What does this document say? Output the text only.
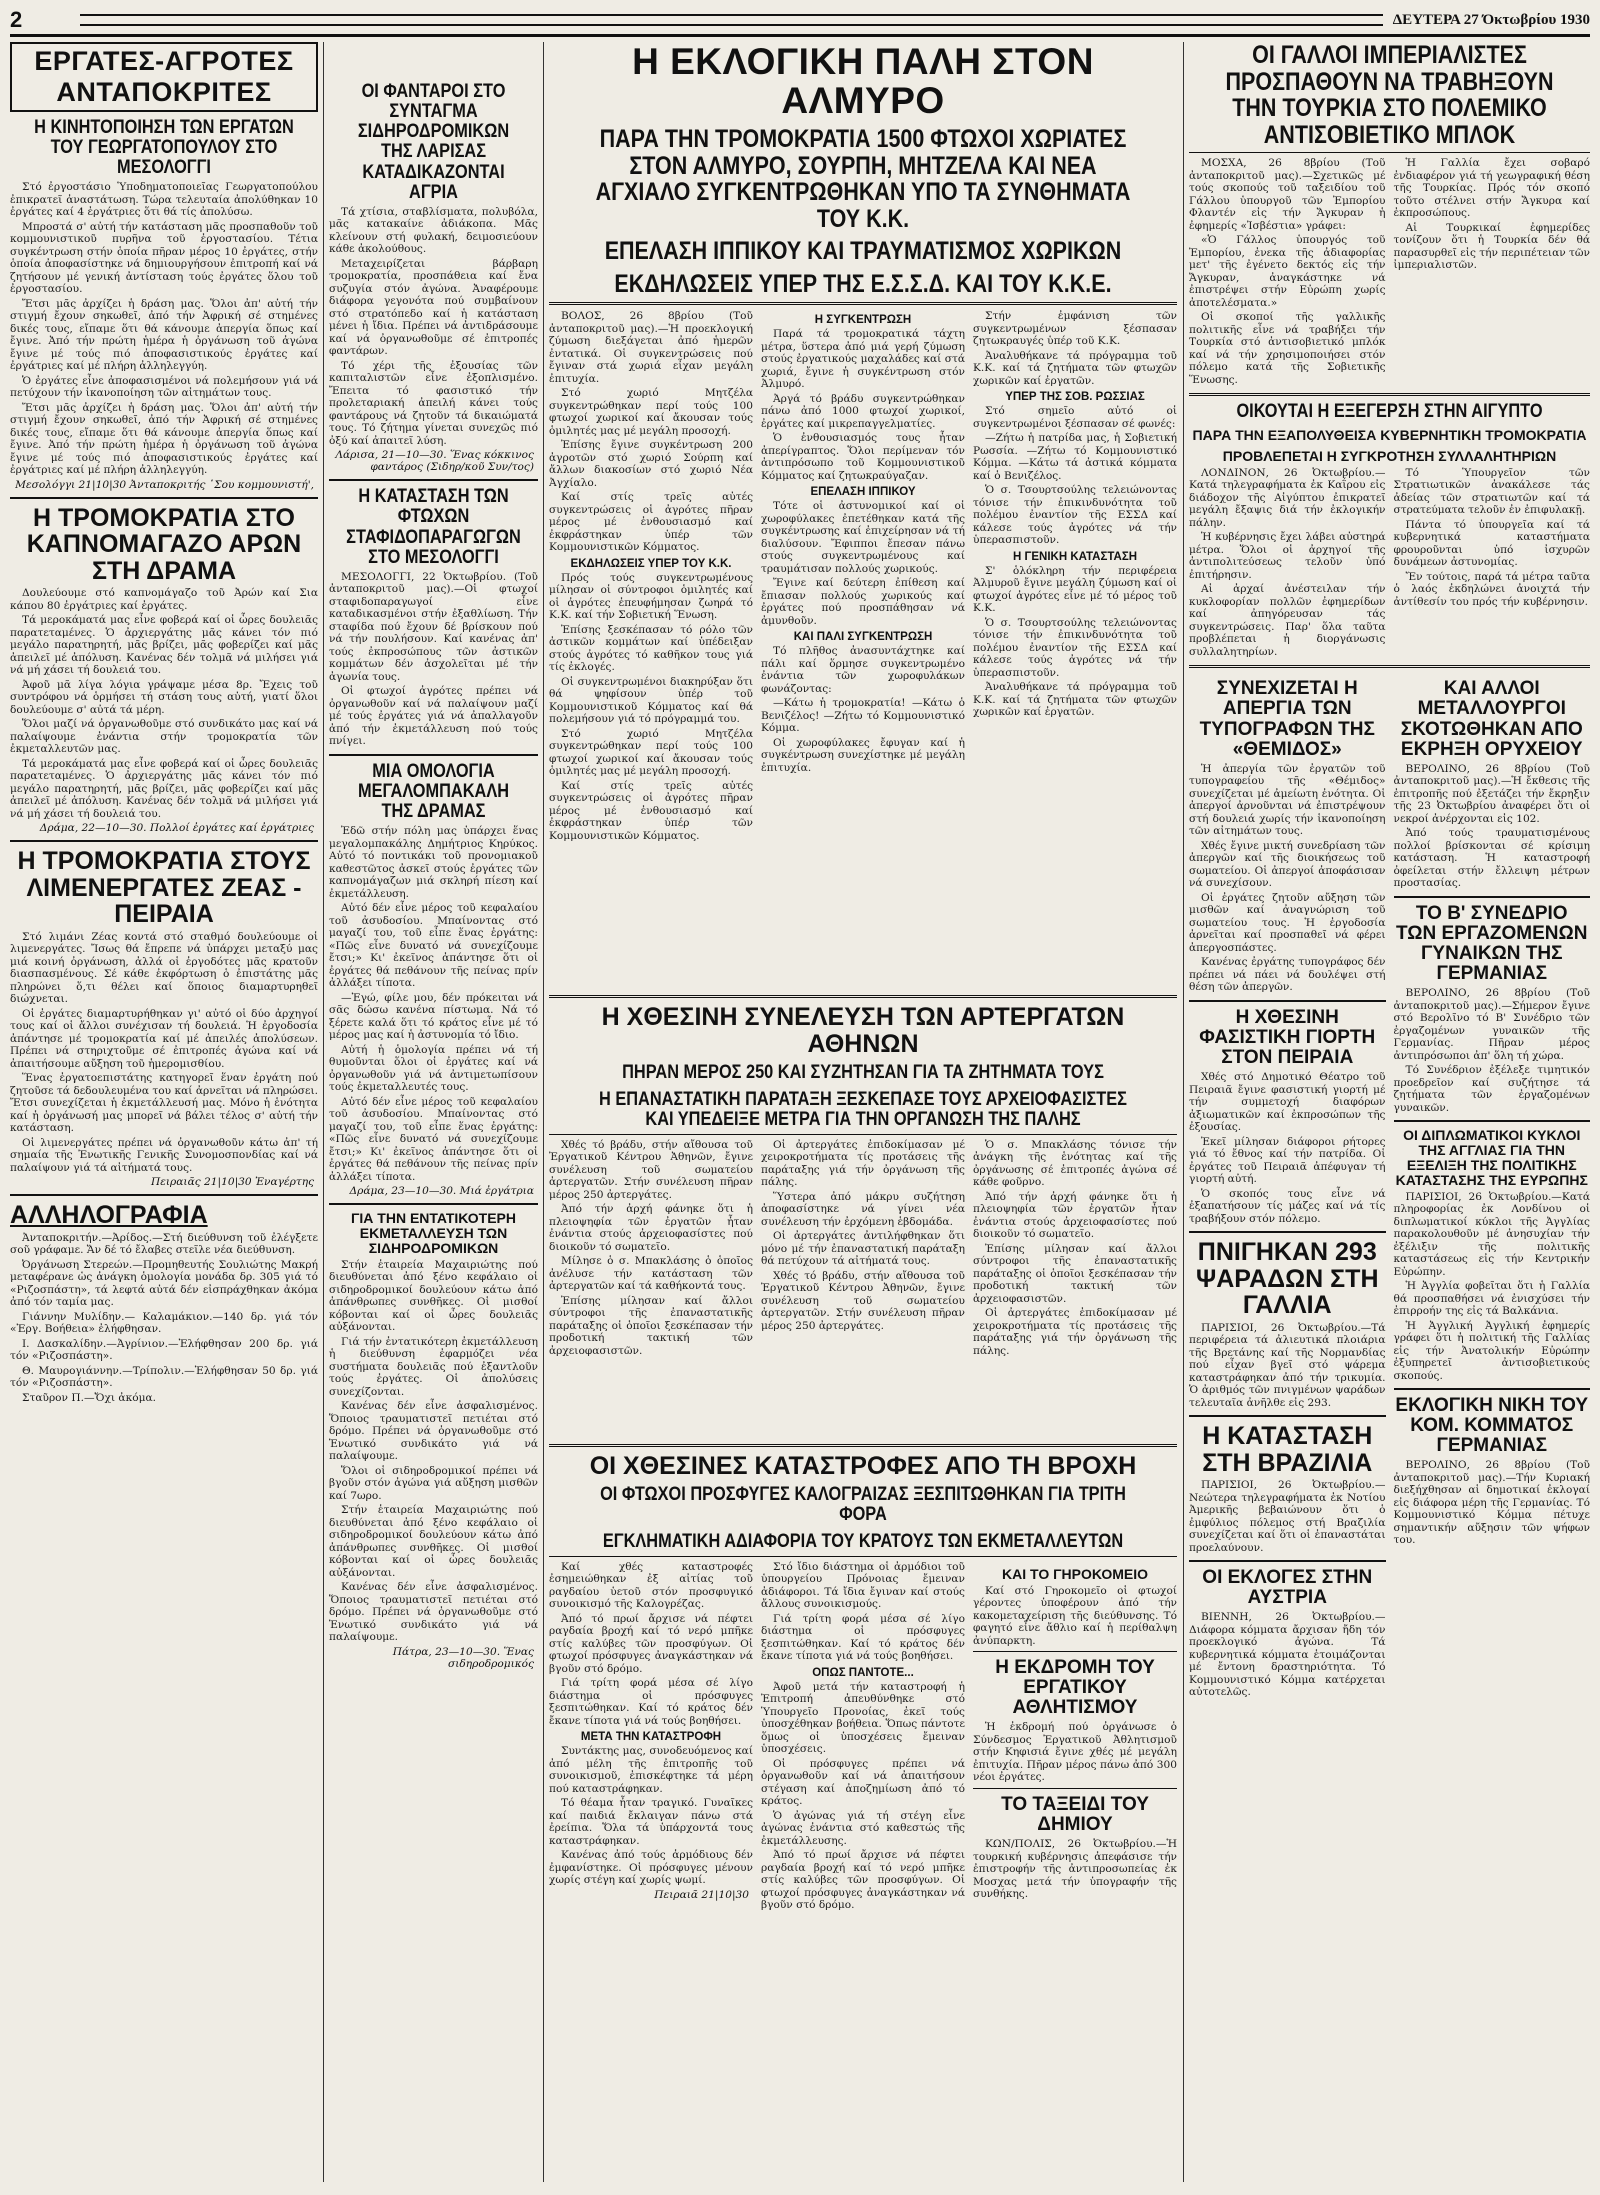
2	ΔΕΥΤΕΡΑ 27 Όκτωβρίου 1930
ΕΡΓΑΤΕΣ-ΑΓΡΟΤΕΣ ΑΝΤΑΠΟΚΡΙΤΕΣ
Η ΚΙΝΗΤΟΠΟΙΗΣΗ ΤΩΝ ΕΡΓΑΤΩΝ ΤΟΥ ΓΕΩΡΓΑΤΟΠΟΥΛΟΥ ΣΤΟ ΜΕΣΟΛΟΓΓΙ

Στό ἐργοστάσιο Ὑποδηματοποιεῖας Γεωργατοπούλου ἐπικρατεῖ ἀναστάτωση. Τώρα τελευταία ἀπολύθηκαν 10 ἐργάτες καί 4 ἐργάτριες ὅτι θά τίς ἀπολύσω.

Μπροστά σ' αὐτή τήν κατάσταση μᾶς προσπαθοῦν τοῦ κομμουνιστικοῦ πυρῆνα τοῦ ἐργοστασίου. Τέτια συγκέντρωση στήν ὁποία πῆραν μέρος 10 ἐργάτες, στήν ὁποία ἀποφασίστηκε νά δημιουργήσουν ἐπιτροπή καί νά ζητήσουν μέ γενική ἀντίσταση τούς ἐργάτες ὅλου τοῦ ἐργοστασίου.

Ἔτσι μᾶς ἀρχίζει ἡ δράση μας. Ὅλοι ἀπ' αὐτή τήν στιγμή ἔχουν σηκωθεῖ, ἀπό τήν Ἀφρική σέ στημένες δικές τους, εἴπαμε ὅτι θά κάνουμε ἀπεργία ὅπως καί ἔγινε. Ἀπό τήν πρώτη ἡμέρα ἡ ὀργάνωση τοῦ ἀγώνα ἔγινε μέ τούς πιό ἀποφασιστικούς ἐργάτες καί ἐργάτριες καί μέ πλήρη ἀλληλεγγύη.

Ὁ ἐργάτες εἶνε ἀποφασισμένοι νά πολεμήσουν γιά νά πετύχουν τήν ἱκανοποίηση τῶν αἰτημάτων τους.

Ἔτσι μᾶς ἀρχίζει ἡ δράση μας. Ὅλοι ἀπ' αὐτή τήν στιγμή ἔχουν σηκωθεῖ, ἀπό τήν Ἀφρική σέ στημένες δικές τους, εἴπαμε ὅτι θά κάνουμε ἀπεργία ὅπως καί ἔγινε. Ἀπό τήν πρώτη ἡμέρα ἡ ὀργάνωση τοῦ ἀγώνα ἔγινε μέ τούς πιό ἀποφασιστικούς ἐργάτες καί ἐργάτριες καί μέ πλήρη ἀλληλεγγύη.

Μεσολόγγι 21|10|30 Ἀνταποκριτής ῾Σου κομμουνιστή',
Η ΤΡΟΜΟΚΡΑΤΙΑ ΣΤΟ ΚΑΠΝΟΜΑΓΑΖΟ ΑΡΩΝ ΣΤΗ ΔΡΑΜΑ

Δουλεύουμε στό καπνομάγαζο τοῦ Ἀρών καί Σια κάπου 80 ἐργάτριες καί ἐργάτες.

Τά μεροκάματά μας εἶνε φοβερά καί οἱ ὧρες δουλειᾶς παρατεταμένες. Ὁ ἀρχιεργάτης μᾶς κάνει τόν πιό μεγάλο παρατηρητή, μᾶς βρίζει, μᾶς φοβερίζει καί μᾶς ἀπειλεῖ μέ ἀπόλυση. Κανένας δέν τολμᾶ νά μιλήσει γιά νά μή χάσει τή δουλειά του.

Ἀφοῦ μᾶ λίγα λόγια γράψαμε μέσα 8ρ. Ἔχεις τοῦ συντρόφου νά ὁρμήσει τή στάση τους αὐτή, γιατί ὅλοι δουλεύουμε σ' αὐτά τά μέρη.

Ὅλοι μαζί νά ὀργανωθοῦμε στό συνδικάτο μας καί νά παλαίψουμε ἐνάντια στήν τρομοκρατία τῶν ἐκμεταλλευτῶν μας.

Τά μεροκάματά μας εἶνε φοβερά καί οἱ ὧρες δουλειᾶς παρατεταμένες. Ὁ ἀρχιεργάτης μᾶς κάνει τόν πιό μεγάλο παρατηρητή, μᾶς βρίζει, μᾶς φοβερίζει καί μᾶς ἀπειλεῖ μέ ἀπόλυση. Κανένας δέν τολμᾶ νά μιλήσει γιά νά μή χάσει τή δουλειά του.

Δράμα, 22—10—30. Πολλοί ἐργάτες καί ἐργάτριες
Η ΤΡΟΜΟΚΡΑΤΙΑ ΣΤΟΥΣ ΛΙΜΕΝΕΡΓΑΤΕΣ ΖΕΑΣ - ΠΕΙΡΑΙΑ

Στό λιμάνι Ζέας κοντά στό σταθμό δουλεύουμε οἱ λιμενεργάτες. Ἴσως θά ἔπρεπε νά ὑπάρχει μεταξύ μας μιά κοινή ὀργάνωση, ἀλλά οἱ ἐργοδότες μᾶς κρατοῦν διασπασμένους. Σέ κάθε ἐκφόρτωση ὁ ἐπιστάτης μᾶς πληρώνει ὅ,τι θέλει καί ὅποιος διαμαρτυρηθεῖ διώχνεται.

Οἱ ἐργάτες διαμαρτυρήθηκαν γι' αὐτό οἱ δύο ἀρχηγοί τους καί οἱ ἄλλοι συνέχισαν τή δουλειά. Ἡ ἐργοδοσία ἀπάντησε μέ τρομοκρατία καί μέ ἀπειλές ἀπολύσεων. Πρέπει νά στηριχτοῦμε σέ ἐπιτροπές ἀγώνα καί νά ἀπαιτήσουμε αὔξηση τοῦ ἡμερομισθίου.

Ἕνας ἐργατοεπιστάτης κατηγορεῖ ἕναν ἐργάτη πού ζητοῦσε τά δεδουλευμένα του καί ἀρνεῖται νά πληρώσει. Ἔτσι συνεχίζεται ἡ ἐκμετάλλευσή μας. Μόνο ἡ ἑνότητα καί ἡ ὀργάνωσή μας μπορεῖ νά βάλει τέλος σ' αὐτή τήν κατάσταση.

Οἱ λιμενεργάτες πρέπει νά ὀργανωθοῦν κάτω ἀπ' τή σημαία τῆς Ἐνωτικῆς Γενικῆς Συνομοσπονδίας καί νά παλαίψουν γιά τά αἰτήματά τους.

Πειραιᾶς 21|10|30 Ἐναγέρτης
ΑΛΛΗΛΟΓΡΑΦΙΑ

Ἀνταποκριτήν.—Ἀρίδος.—Στή διεύθυνση τοῦ ἐλέγξετε σοῦ γράφαμε. Ἄν δέ τό ἔλαβες στεῖλε νέα διεύθυνση.

Ὀργάνωση Στερεών.—Προμηθευτής Σουλιώτης Μακρή μεταφέρανε ὡς ἀνάγκη ὁμολογία μονάδα δρ. 305 γιά τό «Ριζοσπάστη», τά λεφτά αὐτά δέν εἰσπράχθηκαν ἀκόμα ἀπό τόν ταμία μας.

Γιάννην Μυλίδην.— Καλαμάκιον.—140 δρ. γιά τόν «Ἐργ. Βοήθεια» ἐλήφθησαν.

Ι. Δασκαλίδην.—Ἀγρίνιον.—Ἐλήφθησαν 200 δρ. γιά τόν «Ριζοσπάστη».

Θ. Μαυρογιάννην.—Τρίπολιν.—Ἐλήφθησαν 50 δρ. γιά τόν «Ριζοσπάστη».

Σταῦρον Π.—Ὄχι ἀκόμα.

ΟΙ ΦΑΝΤΑΡΟΙ ΣΤΟ ΣΥΝΤΑΓΜΑ ΣΙΔΗΡΟΔΡΟΜΙΚΩΝ ΤΗΣ ΛΑΡΙΣΑΣ ΚΑΤΑΔΙΚΑΖΟΝΤΑΙ ΑΓΡΙΑ

Τά χτίσια, σταβλίσματα, πολυβόλα, μᾶς κατακαίνε ἀδιάκοπα. Μᾶς κλείνουν στή φυλακή, δειμοσιεύουν κάθε ἀκολούθους.

Μεταχειρίζεται βάρβαρη τρομοκρατία, προσπάθεια καί ἔνα συζυγία στόν ἀγώνα. Ἀναφέρουμε διάφορα γεγονότα πού συμβαίνουν στό στρατόπεδο καί ἡ κατάσταση μένει ἡ ἴδια. Πρέπει νά ἀντιδράσουμε καί νά ὀργανωθοῦμε σέ ἐπιτροπές φαντάρων.

Τό χέρι τῆς ἐξουσίας τῶν καπιταλιστῶν εἶνε ἐξοπλισμένο. Ἔπειτα τό φασιστικό τήν προλεταριακή ἀπειλή κάνει τούς φαντάρους νά ζητοῦν τά δικαιώματά τους. Τό ζήτημα γίνεται συνεχῶς πιό ὀξύ καί ἀπαιτεῖ λύση.

Λάρισα, 21—10—30. Ἕνας κόκκινος φαντάρος (Σιδηρ/κοῦ Συν/τος)
Η ΚΑΤΑΣΤΑΣΗ ΤΩΝ ΦΤΩΧΩΝ ΣΤΑΦΙΔΟΠΑΡΑΓΩΓΩΝ ΣΤΟ ΜΕΣΟΛΟΓΓΙ

ΜΕΣΟΛΟΓΓΙ, 22 Ὀκτωβρίου. (Τοῦ ἀνταποκριτοῦ μας).—Οἱ φτωχοί σταφιδοπαραγωγοί εἶνε καταδικασμένοι στήν ἐξαθλίωση. Τήν σταφίδα πού ἔχουν δέ βρίσκουν πού νά τήν πουλήσουν. Καί κανένας ἀπ' τούς ἐκπροσώπους τῶν ἀστικῶν κομμάτων δέν ἀσχολεῖται μέ τήν ἀγωνία τους.

Οἱ φτωχοί ἀγρότες πρέπει νά ὀργανωθοῦν καί νά παλαίψουν μαζί μέ τούς ἐργάτες γιά νά ἀπαλλαγοῦν ἀπό τήν ἐκμετάλλευση πού τούς πνίγει.

ΜΙΑ ΟΜΟΛΟΓΙΑ ΜΕΓΑΛΟΜΠΑΚΑΛΗ ΤΗΣ ΔΡΑΜΑΣ

Ἐδῶ στήν πόλη μας ὑπάρχει ἕνας μεγαλομπακάλης Δημήτριος Κηρύκος. Αὐτό τό ποντικάκι τοῦ προνομιακοῦ καθεστῶτος ἀσκεῖ στούς ἐργάτες τῶν καπνομάγαζων μιά σκληρή πίεση καί ἐκμετάλλευση.

Αὐτό δέν εἶνε μέρος τοῦ κεφαλαίου τοῦ ἀσυδοσίου. Μπαίνοντας στό μαγαζί του, τοῦ εἶπε ἕνας ἐργάτης: «Πῶς εἶνε δυνατό νά συνεχίζουμε ἔτσι;» Κι' ἐκεῖνος ἀπάντησε ὅτι οἱ ἐργάτες θά πεθάνουν τῆς πείνας πρίν ἀλλάξει τίποτα.

—Ἐγώ, φίλε μου, δέν πρόκειται νά σᾶς δώσω κανένα πίστωμα. Νά τό ξέρετε καλά ὅτι τό κράτος εἶνε μέ τό μέρος μας καί ἡ ἀστυνομία τό ἴδιο.

Αὐτή ἡ ὁμολογία πρέπει νά τή θυμοῦνται ὅλοι οἱ ἐργάτες καί νά ὀργανωθοῦν γιά νά ἀντιμετωπίσουν τούς ἐκμεταλλευτές τους.

Αὐτό δέν εἶνε μέρος τοῦ κεφαλαίου τοῦ ἀσυδοσίου. Μπαίνοντας στό μαγαζί του, τοῦ εἶπε ἕνας ἐργάτης: «Πῶς εἶνε δυνατό νά συνεχίζουμε ἔτσι;» Κι' ἐκεῖνος ἀπάντησε ὅτι οἱ ἐργάτες θά πεθάνουν τῆς πείνας πρίν ἀλλάξει τίποτα.

Δράμα, 23—10—30. Μιά ἐργάτρια
ΓΙΑ ΤΗΝ ΕΝΤΑΤΙΚΟΤΕΡΗ ΕΚΜΕΤΑΛΛΕΥΣΗ ΤΩΝ ΣΙΔΗΡΟΔΡΟΜΙΚΩΝ

Στήν ἑταιρεία Μαχαιριώτης πού διευθύνεται ἀπό ξένο κεφάλαιο οἱ σιδηροδρομικοί δουλεύουν κάτω ἀπό ἀπάνθρωπες συνθῆκες. Οἱ μισθοί κόβονται καί οἱ ὧρες δουλειᾶς αὐξάνονται.

Γιά τήν ἐντατικότερη ἐκμετάλλευση ἡ διεύθυνση ἐφαρμόζει νέα συστήματα δουλειᾶς πού ἐξαντλοῦν τούς ἐργάτες. Οἱ ἀπολύσεις συνεχίζονται.

Κανένας δέν εἶνε ἀσφαλισμένος. Ὅποιος τραυματιστεῖ πετιέται στό δρόμο. Πρέπει νά ὀργανωθοῦμε στό Ἑνωτικό συνδικάτο γιά νά παλαίψουμε.

Ὅλοι οἱ σιδηροδρομικοί πρέπει νά βγοῦν στόν ἀγώνα γιά αὔξηση μισθῶν καί 7ωρο.

Στήν ἑταιρεία Μαχαιριώτης πού διευθύνεται ἀπό ξένο κεφάλαιο οἱ σιδηροδρομικοί δουλεύουν κάτω ἀπό ἀπάνθρωπες συνθῆκες. Οἱ μισθοί κόβονται καί οἱ ὧρες δουλειᾶς αὐξάνονται.

Κανένας δέν εἶνε ἀσφαλισμένος. Ὅποιος τραυματιστεῖ πετιέται στό δρόμο. Πρέπει νά ὀργανωθοῦμε στό Ἑνωτικό συνδικάτο γιά νά παλαίψουμε.

Πάτρα, 23—10—30. Ἕνας σιδηροδρομικός
Η ΕΚΛΟΓΙΚΗ ΠΑΛΗ ΣΤΟΝ ΑΛΜΥΡΟ
ΠΑΡΑ ΤΗΝ ΤΡΟΜΟΚΡΑΤΙΑ 1500 ΦΤΩΧΟΙ ΧΩΡΙΑΤΕΣ ΣΤΟΝ ΑΛΜΥΡΟ, ΣΟΥΡΠΗ, ΜΗΤΖΕΛΑ ΚΑΙ ΝΕΑ ΑΓΧΙΑΛΟ ΣΥΓΚΕΝΤΡΩΘΗΚΑΝ ΥΠΟ ΤΑ ΣΥΝΘΗΜΑΤΑ ΤΟΥ Κ.Κ.
ΕΠΕΛΑΣΗ ΙΠΠΙΚΟΥ ΚΑΙ ΤΡΑΥΜΑΤΙΣΜΟΣ ΧΩΡΙΚΩΝ
ΕΚΔΗΛΩΣΕΙΣ ΥΠΕΡ ΤΗΣ Ε.Σ.Σ.Δ. ΚΑΙ ΤΟΥ Κ.Κ.Ε.

ΒΟΛΟΣ, 26 8βρίου (Τοῦ ἀνταποκριτοῦ μας).—Ἡ προεκλογική ζύμωση διεξάγεται ἀπό ἡμερῶν ἐντατικά. Οἱ συγκεντρώσεις πού ἔγιναν στά χωριά εἶχαν μεγάλη ἐπιτυχία.

Στό χωριό Μητζέλα συγκεντρώθηκαν περί τούς 100 φτωχοί χωρικοί καί ἄκουσαν τούς ὁμιλητές μας μέ μεγάλη προσοχή.

Ἐπίσης ἔγινε συγκέντρωση 200 ἀγροτῶν στό χωριό Σούρπη καί ἄλλων διακοσίων στό χωριό Νέα Ἀγχίαλο.

Καί στίς τρεῖς αὐτές συγκεντρώσεις οἱ ἀγρότες πῆραν μέρος μέ ἐνθουσιασμό καί ἐκφράστηκαν ὑπέρ τῶν Κομμουνιστικῶν Κόμματος.

ΕΚΔΗΛΩΣΕΙΣ ΥΠΕΡ ΤΟΥ Κ.Κ.

Πρός τούς συγκεντρωμένους μίλησαν οἱ σύντροφοι ὁμιλητές καί οἱ ἀγρότες ἐπευφήμησαν ζωηρά τό Κ.Κ. καί τήν Σοβιετική Ἕνωση.

Ἐπίσης ξεσκέπασαν τό ρόλο τῶν ἀστικῶν κομμάτων καί ὑπέδειξαν στούς ἀγρότες τό καθῆκον τους γιά τίς ἐκλογές.

Οἱ συγκεντρωμένοι διακηρύξαν ὅτι θά ψηφίσουν ὑπέρ τοῦ Κομμουνιστικοῦ Κόμματος καί θά πολεμήσουν γιά τό πρόγραμμά του.

Στό χωριό Μητζέλα συγκεντρώθηκαν περί τούς 100 φτωχοί χωρικοί καί ἄκουσαν τούς ὁμιλητές μας μέ μεγάλη προσοχή.

Καί στίς τρεῖς αὐτές συγκεντρώσεις οἱ ἀγρότες πῆραν μέρος μέ ἐνθουσιασμό καί ἐκφράστηκαν ὑπέρ τῶν Κομμουνιστικῶν Κόμματος.

Η ΣΥΓΚΕΝΤΡΩΣΗ

Παρά τά τρομοκρατικά τάχτη μέτρα, ὕστερα ἀπό μιά γερή ζύμωση στούς ἐργατικούς μαχαλάδες καί στά χωριά, ἔγινε ἡ συγκέντρωση στόν Ἀλμυρό.

Ἀργά τό βράδυ συγκεντρώθηκαν πάνω ἀπό 1000 φτωχοί χωρικοί, ἐργάτες καί μικρεπαγγελματίες.

Ὁ ἐνθουσιασμός τους ἦταν ἀπερίγραπτος. Ὅλοι περίμεναν τόν ἀντιπρόσωπο τοῦ Κομμουνιστικοῦ Κόμματος καί ζητωκραύγαζαν.

ΕΠΕΛΑΣΗ ΙΠΠΙΚΟΥ

Τότε οἱ ἀστυνομικοί καί οἱ χωροφύλακες ἐπετέθηκαν κατά τῆς συγκέντρωσης καί ἐπιχείρησαν νά τή διαλύσουν. Ἔφιπποι ἔπεσαν πάνω στούς συγκεντρωμένους καί τραυμάτισαν πολλούς χωρικούς.

Ἔγινε καί δεύτερη ἐπίθεση καί ἔπιασαν πολλούς χωρικούς καί ἐργάτες πού προσπάθησαν νά ἀμυνθοῦν.

ΚΑΙ ΠΑΛΙ ΣΥΓΚΕΝΤΡΩΣΗ

Τό πλῆθος ἀνασυντάχτηκε καί πάλι καί ὅρμησε συγκεντρωμένο ἐνάντια τῶν χωροφυλάκων φωνάζοντας:

—Κάτω ἡ τρομοκρατία! —Κάτω ὁ Βενιζέλος! —Ζήτω τό Κομμουνιστικό Κόμμα.

Οἱ χωροφύλακες ἔφυγαν καί ἡ συγκέντρωση συνεχίστηκε μέ μεγάλη ἐπιτυχία.

Στήν ἐμφάνιση τῶν συγκεντρωμένων ξέσπασαν ζητωκραυγές ὑπέρ τοῦ Κ.Κ.

Ἀναλυθήκανε τά πρόγραμμα τοῦ Κ.Κ. καί τά ζητήματα τῶν φτωχῶν χωρικῶν καί ἐργατῶν.

ΥΠΕΡ ΤΗΣ ΣΟΒ. ΡΩΣΣΙΑΣ

Στό σημεῖο αὐτό οἱ συγκεντρωμένοι ξέσπασαν σέ φωνές:

—Ζήτω ἡ πατρίδα μας, ἡ Σοβιετική Ρωσσία. —Ζήτω τό Κομμουνιστικό Κόμμα. —Κάτω τά ἀστικά κόμματα καί ὁ Βενιζέλος.

Ὁ σ. Τσουρτσούλης τελειώνοντας τόνισε τήν ἐπικινδυνότητα τοῦ πολέμου ἐναντίον τῆς ΕΣΣΔ καί κάλεσε τούς ἀγρότες νά τήν ὑπερασπιστοῦν.

Η ΓΕΝΙΚΗ ΚΑΤΑΣΤΑΣΗ

Σ' ὁλόκληρη τήν περιφέρεια Ἀλμυροῦ ἔγινε μεγάλη ζύμωση καί οἱ φτωχοί ἀγρότες εἶνε μέ τό μέρος τοῦ Κ.Κ.

Ὁ σ. Τσουρτσούλης τελειώνοντας τόνισε τήν ἐπικινδυνότητα τοῦ πολέμου ἐναντίον τῆς ΕΣΣΔ καί κάλεσε τούς ἀγρότες νά τήν ὑπερασπιστοῦν.

Ἀναλυθήκανε τά πρόγραμμα τοῦ Κ.Κ. καί τά ζητήματα τῶν φτωχῶν χωρικῶν καί ἐργατῶν.

Η ΧΘΕΣΙΝΗ ΣΥΝΕΛΕΥΣΗ ΤΩΝ ΑΡΤΕΡΓΑΤΩΝ ΑΘΗΝΩΝ
ΠΗΡΑΝ ΜΕΡΟΣ 250 ΚΑΙ ΣΥΖΗΤΗΣΑΝ ΓΙΑ ΤΑ ΖΗΤΗΜΑΤΑ ΤΟΥΣ
Η ΕΠΑΝΑΣΤΑΤΙΚΗ ΠΑΡΑΤΑΞΗ ΞΕΣΚΕΠΑΣΕ ΤΟΥΣ ΑΡΧΕΙΟΦΑΣΙΣΤΕΣ ΚΑΙ ΥΠΕΔΕΙΞΕ ΜΕΤΡΑ ΓΙΑ ΤΗΝ ΟΡΓΑΝΩΣΗ ΤΗΣ ΠΑΛΗΣ

Χθές τό βράδυ, στήν αἴθουσα τοῦ Ἐργατικοῦ Κέντρου Ἀθηνῶν, ἔγινε συνέλευση τοῦ σωματείου ἀρτεργατῶν. Στήν συνέλευση πῆραν μέρος 250 ἀρτεργάτες.

Ἀπό τήν ἀρχή φάνηκε ὅτι ἡ πλειοψηφία τῶν ἐργατῶν ἦταν ἐνάντια στούς ἀρχειοφασίστες πού διοικοῦν τό σωματεῖο.

Μίλησε ὁ σ. Μπακλάσης ὁ ὁποῖος ἀνέλυσε τήν κατάσταση τῶν ἀρτεργατῶν καί τά καθήκοντά τους.

Ἐπίσης μίλησαν καί ἄλλοι σύντροφοι τῆς ἐπαναστατικῆς παράταξης οἱ ὁποῖοι ξεσκέπασαν τήν προδοτική τακτική τῶν ἀρχειοφασιστῶν.

Οἱ ἀρτεργάτες ἐπιδοκίμασαν μέ χειροκροτήματα τίς προτάσεις τῆς παράταξης γιά τήν ὀργάνωση τῆς πάλης.

Ὕστερα ἀπό μάκρυ συζήτηση ἀποφασίστηκε νά γίνει νέα συνέλευση τήν ἐρχόμενη ἑβδομάδα.

Οἱ ἀρτεργάτες ἀντιλήφθηκαν ὅτι μόνο μέ τήν ἐπαναστατική παράταξη θά πετύχουν τά αἰτήματά τους.

Χθές τό βράδυ, στήν αἴθουσα τοῦ Ἐργατικοῦ Κέντρου Ἀθηνῶν, ἔγινε συνέλευση τοῦ σωματείου ἀρτεργατῶν. Στήν συνέλευση πῆραν μέρος 250 ἀρτεργάτες.

Ὁ σ. Μπακλάσης τόνισε τήν ἀνάγκη τῆς ἑνότητας καί τῆς ὀργάνωσης σέ ἐπιτροπές ἀγώνα σέ κάθε φοῦρνο.

Ἀπό τήν ἀρχή φάνηκε ὅτι ἡ πλειοψηφία τῶν ἐργατῶν ἦταν ἐνάντια στούς ἀρχειοφασίστες πού διοικοῦν τό σωματεῖο.

Ἐπίσης μίλησαν καί ἄλλοι σύντροφοι τῆς ἐπαναστατικῆς παράταξης οἱ ὁποῖοι ξεσκέπασαν τήν προδοτική τακτική τῶν ἀρχειοφασιστῶν.

Οἱ ἀρτεργάτες ἐπιδοκίμασαν μέ χειροκροτήματα τίς προτάσεις τῆς παράταξης γιά τήν ὀργάνωση τῆς πάλης.

ΟΙ ΧΘΕΣΙΝΕΣ ΚΑΤΑΣΤΡΟΦΕΣ ΑΠΟ ΤΗ ΒΡΟΧΗ
ΟΙ ΦΤΩΧΟΙ ΠΡΟΣΦΥΓΕΣ ΚΑΛΟΓΡΑΙΖΑΣ ΞΕΣΠΙΤΩΘΗΚΑΝ ΓΙΑ ΤΡΙΤΗ ΦΟΡΑ
ΕΓΚΛΗΜΑΤΙΚΗ ΑΔΙΑΦΟΡΙΑ ΤΟΥ ΚΡΑΤΟΥΣ ΤΩΝ ΕΚΜΕΤΑΛΛΕΥΤΩΝ

Καί χθές καταστροφές ἐσημειώθηκαν ἐξ αἰτίας τοῦ ραγδαίου ὑετοῦ στόν προσφυγικό συνοικισμό τῆς Καλογρέζας.

Ἀπό τό πρωί ἄρχισε νά πέφτει ραγδαία βροχή καί τό νερό μπῆκε στίς καλύβες τῶν προσφύγων. Οἱ φτωχοί πρόσφυγες ἀναγκάστηκαν νά βγοῦν στό δρόμο.

Γιά τρίτη φορά μέσα σέ λίγο διάστημα οἱ πρόσφυγες ξεσπιτώθηκαν. Καί τό κράτος δέν ἔκανε τίποτα γιά νά τούς βοηθήσει.

ΜΕΤΑ ΤΗΝ ΚΑΤΑΣΤΡΟΦΗ

Συντάκτης μας, συνοδευόμενος καί ἀπό μέλη τῆς ἐπιτροπῆς τοῦ συνοικισμοῦ, ἐπισκέφτηκε τά μέρη πού καταστράφηκαν.

Τό θέαμα ἦταν τραγικό. Γυναῖκες καί παιδιά ἔκλαιγαν πάνω στά ἐρείπια. Ὅλα τά ὑπάρχοντά τους καταστράφηκαν.

Κανένας ἀπό τούς ἁρμόδιους δέν ἐμφανίστηκε. Οἱ πρόσφυγες μένουν χωρίς στέγη καί χωρίς ψωμί.

Πειραιᾶ 21|10|30

Στό ἴδιο διάστημα οἱ ἀρμόδιοι τοῦ ὑπουργείου Πρόνοιας ἔμειναν ἀδιάφοροι. Τά ἴδια ἔγιναν καί στούς ἄλλους συνοικισμούς.

Γιά τρίτη φορά μέσα σέ λίγο διάστημα οἱ πρόσφυγες ξεσπιτώθηκαν. Καί τό κράτος δέν ἔκανε τίποτα γιά νά τούς βοηθήσει.

ΟΠΩΣ ΠΑΝΤΟΤΕ...

Ἀφοῦ μετά τήν καταστροφή ἡ Ἐπιτροπή ἀπευθύνθηκε στό Ὑπουργεῖο Προνοίας, ἐκεῖ τούς ὑποσχέθηκαν βοήθεια. Ὅπως πάντοτε ὅμως οἱ ὑποσχέσεις ἔμειναν ὑποσχέσεις.

Οἱ πρόσφυγες πρέπει νά ὀργανωθοῦν καί νά ἀπαιτήσουν στέγαση καί ἀποζημίωση ἀπό τό κράτος.

Ὁ ἀγώνας γιά τή στέγη εἶνε ἀγώνας ἐνάντια στό καθεστώς τῆς ἐκμετάλλευσης.

Ἀπό τό πρωί ἄρχισε νά πέφτει ραγδαία βροχή καί τό νερό μπῆκε στίς καλύβες τῶν προσφύγων. Οἱ φτωχοί πρόσφυγες ἀναγκάστηκαν νά βγοῦν στό δρόμο.

ΚΑΙ ΤΟ ΓΗΡΟΚΟΜΕΙΟ

Καί στό Γηροκομεῖο οἱ φτωχοί γέροντες ὑποφέρουν ἀπό τήν κακομεταχείριση τῆς διεύθυνσης. Τό φαγητό εἶνε ἄθλιο καί ἡ περίθαλψη ἀνύπαρκτη.

Η ΕΚΔΡΟΜΗ ΤΟΥ ΕΡΓΑΤΙΚΟΥ ΑΘΛΗΤΙΣΜΟΥ

Ἡ ἐκδρομή πού ὀργάνωσε ὁ Σύνδεσμος Ἐργατικοῦ Ἀθλητισμοῦ στήν Κηφισιά ἔγινε χθές μέ μεγάλη ἐπιτυχία. Πῆραν μέρος πάνω ἀπό 300 νέοι ἐργάτες.

ΤΟ ΤΑΞΕΙΔΙ ΤΟΥ ΔΗΜΙΟΥ

ΚΩΝ/ΠΟΛΙΣ, 26 Ὀκτωβρίου.—Ἡ τουρκική κυβέρνησις ἀπεφάσισε τήν ἐπιστροφήν τῆς ἀντιπροσωπείας ἐκ Μοσχας μετά τήν ὑπογραφήν τῆς συνθήκης.

ΟΙ ΓΑΛΛΟΙ ΙΜΠΕΡΙΑΛΙΣΤΕΣ ΠΡΟΣΠΑΘΟΥΝ ΝΑ ΤΡΑΒΗΞΟΥΝ ΤΗΝ ΤΟΥΡΚΙΑ ΣΤΟ ΠΟΛΕΜΙΚΟ ΑΝΤΙΣΟΒΙΕΤΙΚΟ ΜΠΛΟΚ

ΜΟΣΧΑ, 26 8βρίου (Τοῦ ἀνταποκριτοῦ μας).—Σχετικῶς μέ τούς σκοπούς τοῦ ταξειδίου τοῦ Γάλλου ὑπουργοῦ τῶν Ἐμπορίου Φλαντέν εἰς τήν Ἄγκυραν ἡ ἐφημερίς «Ἰσβέστια» γράφει:

«Ὁ Γάλλος ὑπουργός τοῦ Ἐμπορίου, ἐνεκα τῆς ἀδιαφορίας μετ' τῆς ἐγένετο δεκτός εἰς τήν Ἄγκυραν, ἀναγκάστηκε νά ἐπιστρέψει στήν Εὐρώπη χωρίς ἀποτελέσματα.»

Οἱ σκοποί τῆς γαλλικῆς πολιτικῆς εἶνε νά τραβήξει τήν Τουρκία στό ἀντισοβιετικό μπλόκ καί νά τήν χρησιμοποιήσει στόν πόλεμο κατά τῆς Σοβιετικῆς Ἕνωσης.

Ἡ Γαλλία ἔχει σοβαρό ἐνδιαφέρον γιά τή γεωγραφική θέση τῆς Τουρκίας. Πρός τόν σκοπό τοῦτο στέλνει στήν Ἄγκυρα καί ἐκπροσώπους.

Αἱ Τουρκικαί ἐφημερίδες τονίζουν ὅτι ἡ Τουρκία δέν θά παρασυρθεῖ εἰς τήν περιπέτειαν τῶν ἰμπεριαλιστῶν.

ΟΙΚΟΥΤΑΙ Η ΕΞΕΓΕΡΣΗ ΣΤΗΝ ΑΙΓΥΠΤΟ
ΠΑΡΑ ΤΗΝ ΕΞΑΠΟΛΥΘΕΙΣΑ ΚΥΒΕΡΝΗΤΙΚΗ ΤΡΟΜΟΚΡΑΤΙΑ
ΠΡΟΒΛΕΠΕΤΑΙ Η ΣΥΓΚΡΟΤΗΣΗ ΣΥΛΛΑΛΗΤΗΡΙΩΝ

ΛΟΝΔΙΝΟΝ, 26 Ὀκτωβρίου.—Κατά τηλεγραφήματα ἐκ Καΐρου εἰς διάδοχον τῆς Αἰγύπτου ἐπικρατεῖ μεγάλη ἔξαψις διά τήν ἐκλογικήν πάλην.

Ἡ κυβέρνησις ἔχει λάβει αὐστηρά μέτρα. Ὅλοι οἱ ἀρχηγοί τῆς ἀντιπολιτεύσεως τελοῦν ὑπό ἐπιτήρησιν.

Αἱ ἀρχαί ἀνέστειλαν τήν κυκλοφορίαν πολλῶν ἐφημερίδων καί ἀπηγόρευσαν τάς συγκεντρώσεις. Παρ' ὅλα ταῦτα προβλέπεται ἡ διοργάνωσις συλλαλητηρίων.

Τό Ὑπουργεῖον τῶν Στρατιωτικῶν ἀνακάλεσε τάς ἀδείας τῶν στρατιωτῶν καί τά στρατεύματα τελοῦν ἐν ἐπιφυλακῇ.

Πάντα τό ὑπουργεῖα καί τά κυβερνητικά καταστήματα φρουροῦνται ὑπό ἰσχυρῶν δυνάμεων ἀστυνομίας.

Ἔν τούτοις, παρά τά μέτρα ταῦτα ὁ λαός ἐκδηλώνει ἀνοιχτά τήν ἀντίθεσίν του πρός τήν κυβέρνησιν.

ΣΥΝΕΧΙΖΕΤΑΙ Η ΑΠΕΡΓΙΑ ΤΩΝ ΤΥΠΟΓΡΑΦΩΝ ΤΗΣ «ΘΕΜΙΔΟΣ»

Ἡ ἀπεργία τῶν ἐργατῶν τοῦ τυπογραφείου τῆς «Θέμιδος» συνεχίζεται μέ ἀμείωτη ἐνότητα. Οἱ ἀπεργοί ἀρνοῦνται νά ἐπιστρέψουν στή δουλειά χωρίς τήν ἱκανοποίηση τῶν αἰτημάτων τους.

Χθές ἔγινε μικτή συνεδρίαση τῶν ἀπεργῶν καί τῆς διοικήσεως τοῦ σωματείου. Οἱ ἀπεργοί ἀποφάσισαν νά συνεχίσουν.

Οἱ ἐργάτες ζητοῦν αὔξηση τῶν μισθῶν καί ἀναγνώριση τοῦ σωματείου τους. Ἡ ἐργοδοσία ἀρνεῖται καί προσπαθεῖ νά φέρει ἀπεργοσπάστες.

Κανένας ἐργάτης τυπογράφος δέν πρέπει νά πάει νά δουλέψει στή θέση τῶν ἀπεργῶν.

Η ΧΘΕΣΙΝΗ ΦΑΣΙΣΤΙΚΗ ΓΙΟΡΤΗ ΣΤΟΝ ΠΕΙΡΑΙΑ

Χθές στό Δημοτικό Θέατρο τοῦ Πειραιᾶ ἔγινε φασιστική γιορτή μέ τήν συμμετοχή διαφόρων ἀξιωματικῶν καί ἐκπροσώπων τῆς ἐξουσίας.

Ἐκεῖ μίλησαν διάφοροι ρήτορες γιά τό ἔθνος καί τήν πατρίδα. Οἱ ἐργάτες τοῦ Πειραιᾶ ἀπέφυγαν τή γιορτή αὐτή.

Ὁ σκοπός τους εἶνε νά ἐξαπατήσουν τίς μάζες καί νά τίς τραβήξουν στόν πόλεμο.

ΠΝΙΓΗΚΑΝ 293 ΨΑΡΑΔΩΝ ΣΤΗ ΓΑΛΛΙΑ

ΠΑΡΙΣΙΟΙ, 26 Ὀκτωβρίου.—Τά περιφέρεια τά ἀλιευτικά πλοιάρια τῆς Βρετάνης καί τῆς Νορμανδίας πού εἶχαν βγεῖ στό ψάρεμα καταστράφηκαν ἀπό τήν τρικυμία. Ὁ ἀριθμός τῶν πνιγμένων ψαράδων τελευταῖα ἀνῆλθε εἰς 293.

Η ΚΑΤΑΣΤΑΣΗ ΣΤΗ ΒΡΑΖΙΛΙΑ

ΠΑΡΙΣΙΟΙ, 26 Ὀκτωβρίου.—Νεώτερα τηλεγραφήματα ἐκ Νοτίου Ἀμερικῆς βεβαιώνουν ὅτι ὁ ἐμφύλιος πόλεμος στή Βραζιλία συνεχίζεται καί ὅτι οἱ ἐπαναστάται προελαύνουν.

ΟΙ ΕΚΛΟΓΕΣ ΣΤΗΝ ΑΥΣΤΡΙΑ

ΒΙΕΝΝΗ, 26 Ὀκτωβρίου.—Διάφορα κόμματα ἄρχισαν ἤδη τόν προεκλογικό ἀγώνα. Τά κυβερνητικά κόμματα ἑτοιμάζονται μέ ἔντονη δραστηριότητα. Τό Κομμουνιστικό Κόμμα κατέρχεται αὐτοτελῶς.

ΚΑΙ ΑΛΛΟΙ ΜΕΤΑΛΛΟΥΡΓΟΙ ΣΚΟΤΩΘΗΚΑΝ ΑΠΟ ΕΚΡΗΞΗ ΟΡΥΧΕΙΟΥ

ΒΕΡΟΛΙΝΟ, 26 8βρίου (Τοῦ ἀνταποκριτοῦ μας).—Ἡ ἔκθεσις τῆς ἐπιτροπῆς πού ἐξετάζει τήν ἔκρηξιν τῆς 23 Ὀκτωβρίου ἀναφέρει ὅτι οἱ νεκροί ἀνέρχονται εἰς 102.

Ἀπό τούς τραυματισμένους πολλοί βρίσκονται σέ κρίσιμη κατάσταση. Ἡ καταστροφή ὀφείλεται στήν ἔλλειψη μέτρων προστασίας.

ΤΟ Β' ΣΥΝΕΔΡΙΟ ΤΩΝ ΕΡΓΑΖΟΜΕΝΩΝ ΓΥΝΑΙΚΩΝ ΤΗΣ ΓΕΡΜΑΝΙΑΣ

ΒΕΡΟΛΙΝΟ, 26 8βρίου (Τοῦ ἀνταποκριτοῦ μας).—Σήμερον ἔγινε στό Βερολῖνο τό Β' Συνέδριο τῶν ἐργαζομένων γυναικῶν τῆς Γερμανίας. Πῆραν μέρος ἀντιπρόσωποι ἀπ' ὅλη τή χώρα.

Τό Συνέδριον ἐξέλεξε τιμητικόν προεδρεῖον καί συζήτησε τά ζητήματα τῶν ἐργαζομένων γυναικῶν.

ΟΙ ΔΙΠΛΩΜΑΤΙΚΟΙ ΚΥΚΛΟΙ ΤΗΣ ΑΓΓΛΙΑΣ ΓΙΑ ΤΗΝ ΕΞΕΛΙΞΗ ΤΗΣ ΠΟΛΙΤΙΚΗΣ ΚΑΤΑΣΤΑΣΗΣ ΤΗΣ ΕΥΡΩΠΗΣ

ΠΑΡΙΣΙΟΙ, 26 Ὀκτωβρίου.—Κατά πληροφορίας ἐκ Λονδίνου οἱ διπλωματικοί κύκλοι τῆς Ἀγγλίας παρακολουθοῦν μέ ἀνησυχίαν τήν ἐξέλιξιν τῆς πολιτικῆς καταστάσεως εἰς τήν Κεντρικήν Εὐρώπην.

Ἡ Ἀγγλία φοβεῖται ὅτι ἡ Γαλλία θά προσπαθήσει νά ἐνισχύσει τήν ἐπιρροήν της εἰς τά Βαλκάνια.

Ἡ Ἀγγλική Ἀγγλική ἐφημερίς γράφει ὅτι ἡ πολιτική τῆς Γαλλίας εἰς τήν Ἀνατολικήν Εὐρώπην ἐξυπηρετεῖ ἀντισοβιετικούς σκοπούς.

ΕΚΛΟΓΙΚΗ ΝΙΚΗ ΤΟΥ ΚΟΜ. ΚΟΜΜΑΤΟΣ ΓΕΡΜΑΝΙΑΣ

ΒΕΡΟΛΙΝΟ, 26 8βρίου (Τοῦ ἀνταποκριτοῦ μας).—Τήν Κυριακή διεξήχθησαν αἱ δημοτικαί ἐκλογαί εἰς διάφορα μέρη τῆς Γερμανίας. Τό Κομμουνιστικό Κόμμα πέτυχε σημαντικήν αὔξησιν τῶν ψήφων του.
